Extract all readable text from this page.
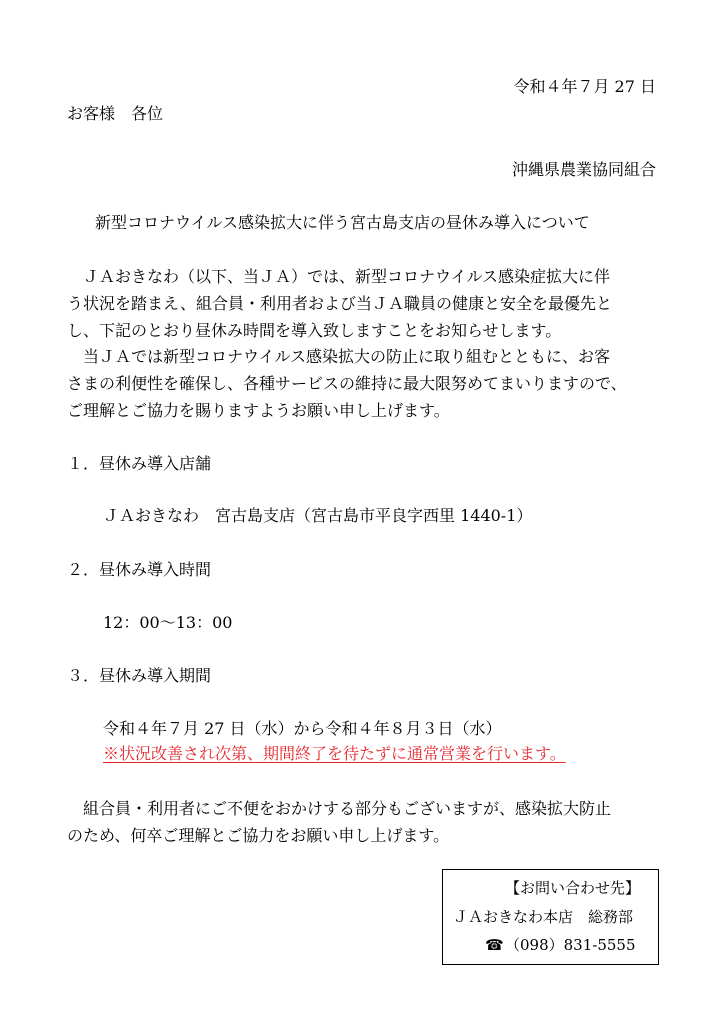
令和４年７月 27 日
お客様　各位
沖縄県農業協同組合
新型コロナウイルス感染拡大に伴う宮古島支店の昼休み導入について

　ＪＡおきなわ（以下、当ＪＡ）では、新型コロナウイルス感染症拡大に伴

う状況を踏まえ、組合員・利用者および当ＪＡ職員の健康と安全を最優先と

し、下記のとおり昼休み時間を導入致しますことをお知らせします。

　当ＪＡでは新型コロナウイルス感染拡大の防止に取り組むとともに、お客

さまの利便性を確保し、各種サービスの維持に最大限努めてまいりますので、

ご理解とご協力を賜りますようお願い申し上げます。

１．昼休み導入店舗
ＪＡおきなわ　宮古島支店（宮古島市平良字西里 1440-1）
２．昼休み導入時間
12：00～13：00
３．昼休み導入期間
令和４年７月 27 日（水）から令和４年８月３日（水）
※状況改善され次第、期間終了を待たずに通常営業を行います。

　組合員・利用者にご不便をおかけする部分もございますが、感染拡大防止

のため、何卒ご理解とご協力をお願い申し上げます。

【お問い合わせ先】
ＪＡおきなわ本店　総務部
☎（098）831-5555
